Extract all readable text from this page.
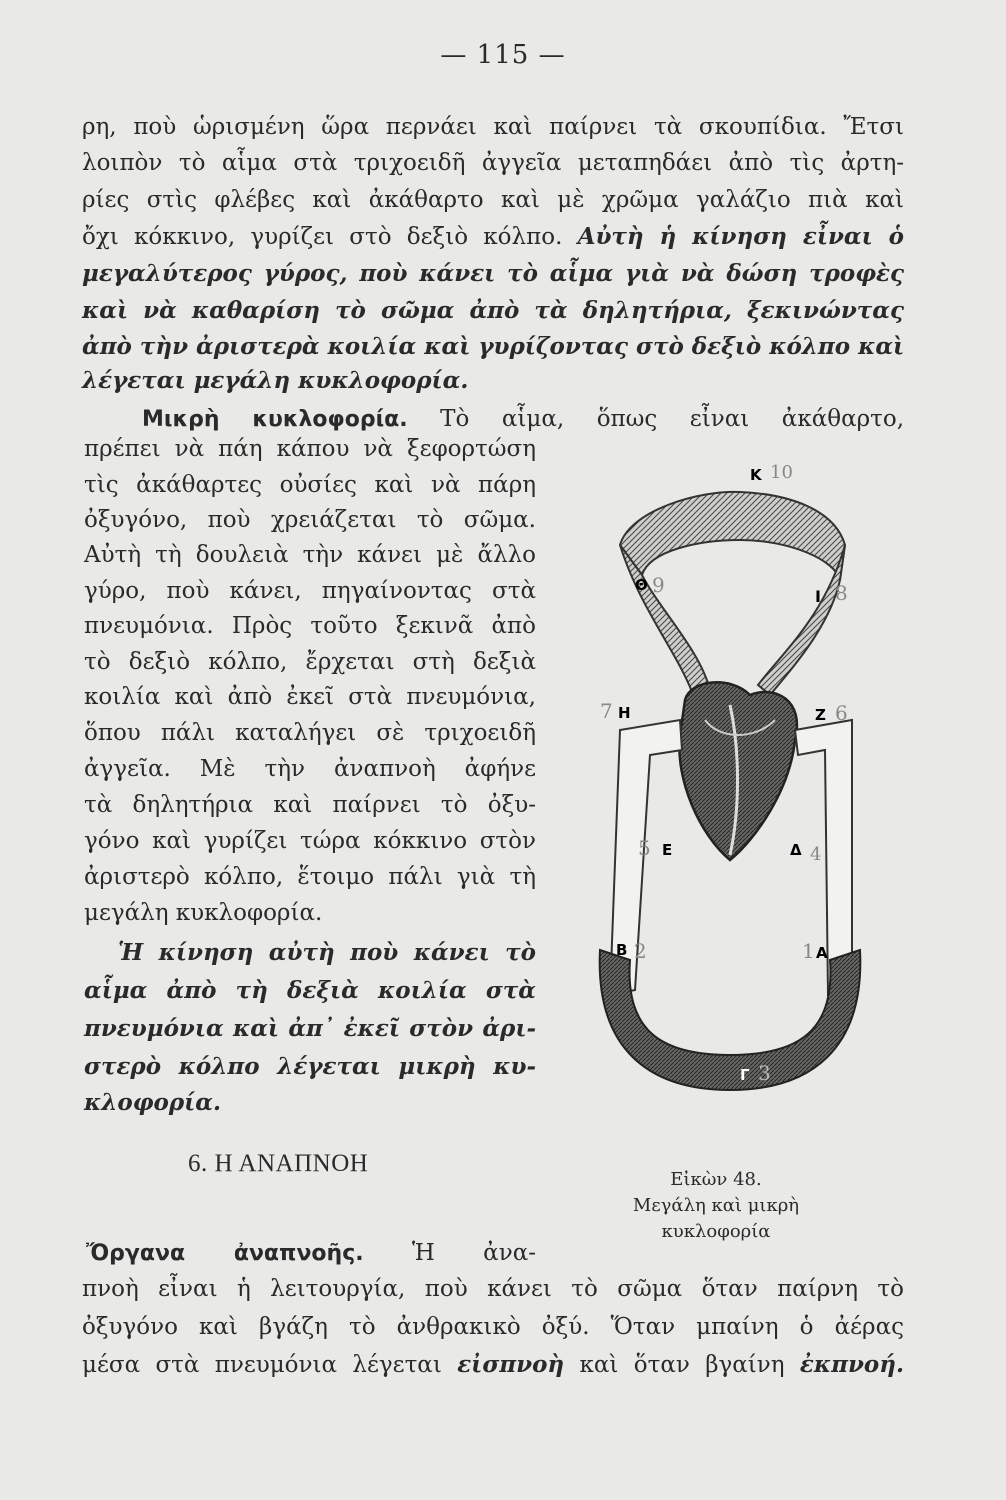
— 115 —
ρη, ποὺ ὡρισμένη ὥρα περνάει καὶ παίρνει τὰ σκουπίδια. Ἔτσι
λοιπὸν τὸ αἷμα στὰ τριχοειδῆ ἀγγεῖα μεταπηδάει ἀπὸ τὶς ἀρτη-
ρίες στὶς φλέβες καὶ ἀκάθαρτο καὶ μὲ χρῶμα γαλάζιο πιὰ καὶ
ὄχι κόκκινο, γυρίζει στὸ δεξιὸ κόλπο. Αὐτὴ ἡ κίνηση εἶναι ὁ
μεγαλύτερος γύρος, ποὺ κάνει τὸ αἷμα γιὰ νὰ δώση τροφὲς
καὶ νὰ καθαρίση τὸ σῶμα ἀπὸ τὰ δηλητήρια, ξεκινώντας
ἀπὸ τὴν ἀριστερὰ κοιλία καὶ γυρίζοντας στὸ δεξιὸ κόλπο καὶ
λέγεται μεγάλη κυκλοφορία.
Μικρὴ κυκλοφορία. Τὸ αἷμα, ὅπως εἶναι ἀκάθαρτο,
πρέπει νὰ πάη κάπου νὰ ξεφορτώση
τὶς ἀκάθαρτες οὐσίες καὶ νὰ πάρη
ὀξυγόνο, ποὺ χρειάζεται τὸ σῶμα.
Αὐτὴ τὴ δουλειὰ τὴν κάνει μὲ ἄλλο
γύρο, ποὺ κάνει, πηγαίνοντας στὰ
πνευμόνια. Πρὸς τοῦτο ξεκινᾶ ἀπὸ
τὸ δεξιὸ κόλπο, ἔρχεται στὴ δεξιὰ
κοιλία καὶ ἀπὸ ἐκεῖ στὰ πνευμόνια,
ὅπου πάλι καταλήγει σὲ τριχοειδῆ
ἀγγεῖα. Μὲ τὴν ἀναπνοὴ ἀφήνε
τὰ δηλητήρια καὶ παίρνει τὸ ὀξυ-
γόνο καὶ γυρίζει τώρα κόκκινο στὸν
ἀριστερὸ κόλπο, ἕτοιμο πάλι γιὰ τὴ
μεγάλη κυκλοφορία.
Ἡ κίνηση αὐτὴ ποὺ κάνει τὸ
αἷμα ἀπὸ τὴ δεξιὰ κοιλία στὰ
πνευμόνια καὶ ἀπ᾿ ἐκεῖ στὸν ἀρι-
στερὸ κόλπο λέγεται μικρὴ κυ-
κλοφορία.
6. Η ΑΝΑΠΝΟΗ
Κ 10
Θ 9	Ι 8
7 Η	Ζ 6
5 Ε	Δ 4
Β 2	1 Α
Γ 3
Εἰκὼν 48.
Μεγάλη καὶ μικρὴ
κυκλοφορία
Ὄργανα ἀναπνοῆς. Ἡ ἀνα-
πνοὴ εἶναι ἡ λειτουργία, ποὺ κάνει τὸ σῶμα ὅταν παίρνη τὸ
ὀξυγόνο καὶ βγάζη τὸ ἀνθρακικὸ ὀξύ. Ὅταν μπαίνη ὁ ἀέρας
μέσα στὰ πνευμόνια λέγεται εἰσπνοὴ καὶ ὅταν βγαίνη ἐκπνοή.
